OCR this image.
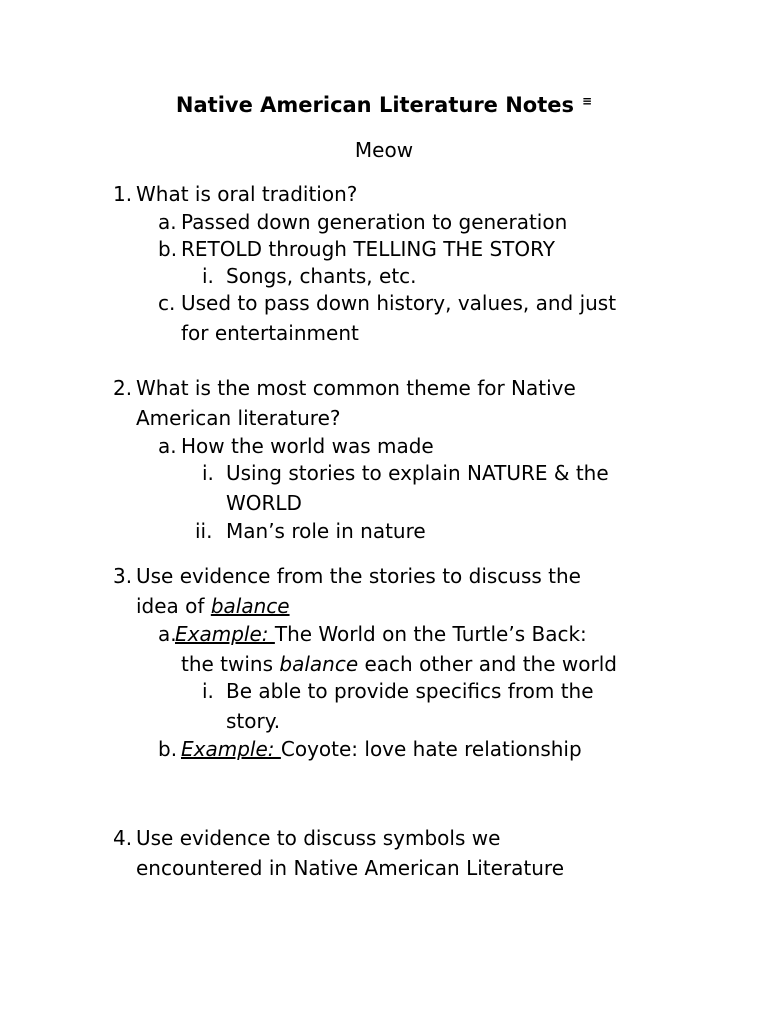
Native American Literature Notes ≡
Meow
1. What is oral tradition?
a. Passed down generation to generation
b. RETOLD through TELLING THE STORY
i. Songs, chants, etc.
c. Used to pass down history, values, and just
for entertainment
2. What is the most common theme for Native
American literature?
a. How the world was made
i. Using stories to explain NATURE & the
WORLD
ii. Man’s role in nature
3. Use evidence from the stories to discuss the
idea of balance
a.
Example: The World on the Turtle’s Back:
the twins balance each other and the world
i. Be able to provide specifics from the
story.
b. Example: Coyote: love hate relationship
4. Use evidence to discuss symbols we
encountered in Native American Literature
